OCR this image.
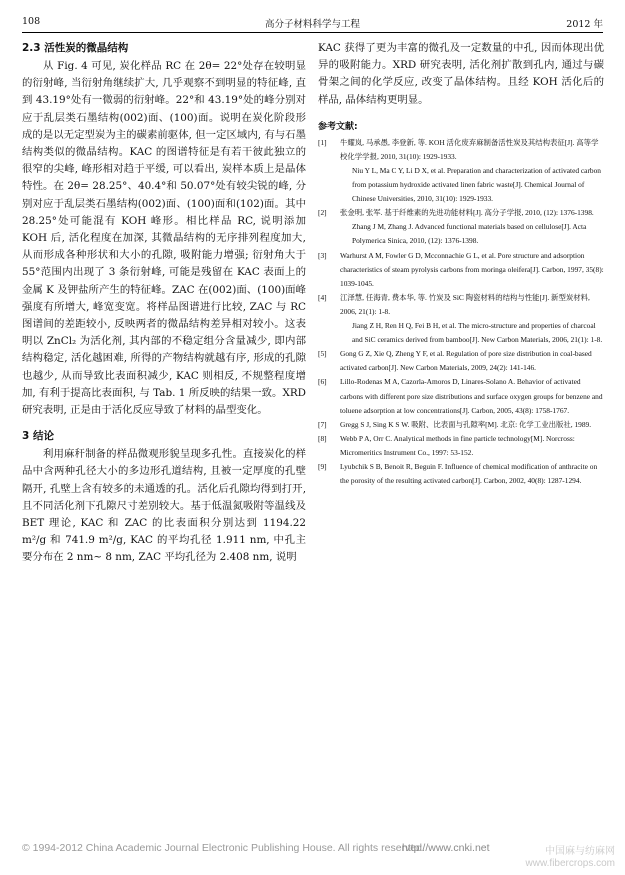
108	高分子材料科学与工程	2012 年
2.3 活性炭的微晶结构

从 Fig. 4 可见, 炭化样品 RC 在 2θ= 22°处存在较明显的衍射峰, 当衍射角继续扩大, 几乎观察不到明显的特征峰, 直到 43.19°处有一微弱的衍射峰。22°和 43.19°处的峰分别对应于乱层类石墨结构(002)面、(100)面。说明在炭化阶段形成的是以无定型炭为主的碳素前驱体, 但一定区域内, 有与石墨结构类似的微晶结构。KAC 的图谱特征是有若干彼此独立的很窄的尖峰, 峰形相对趋于平缓, 可以看出, 炭样本质上是晶体特性。在 2θ= 28.25°、40.4°和 50.07°处有较尖锐的峰, 分别对应于乱层类石墨结构(002)面、(100)面和(102)面。其中 28.25°处可能混有 KOH 峰形。相比样品 RC, 说明添加 KOH 后, 活化程度在加深, 其微晶结构的无序排列程度加大, 从而形成各种形状和大小的孔隙, 吸附能力增强; 衍射角大于 55°范围内出现了 3 条衍射峰, 可能是残留在 KAC 表面上的金属 K 及钾盐所产生的特征峰。ZAC 在(002)面、(100)面峰强度有所增大, 峰宽变宽。将样品图谱进行比较, ZAC 与 RC 图谱间的差距较小, 反映两者的微晶结构差异相对较小。这表明以 ZnCl₂ 为活化剂, 其内部的不稳定组分含量减少, 即内部结构稳定, 活化越困难, 所得的产物结构就越有序, 形成的孔隙也越少, 从而导致比表面积减少, KAC 则相反, 不规整程度增加, 有利于提高比表面积, 与 Tab. 1 所反映的结果一致。XRD 研究表明, 正是由于活化反应导致了材料的晶型变化。

3 结论

利用麻秆制备的样品微观形貌呈现多孔性。直接炭化的样品中含两种孔径大小的多边形孔道结构, 且被一定厚度的孔壁隔开, 孔壁上含有较多的未通透的孔。活化后孔隙均得到打开, 且不同活化剂下孔隙尺寸差别较大。基于低温氮吸附等温线及 BET 理论, KAC 和 ZAC 的比表面积分别达到 1194.22 m²/g 和 741.9 m²/g, KAC 的平均孔径 1.911 nm, 中孔主要分布在 2 nm~ 8 nm, ZAC 平均孔径为 2.408 nm, 说明

KAC 获得了更为丰富的微孔及一定数量的中孔, 因而体现出优异的吸附能力。XRD 研究表明, 活化剂扩散到孔内, 通过与碳骨架之间的化学反应, 改变了晶体结构。且经 KOH 活化后的样品, 晶体结构更明显。

参考文献:
[1]	牛耀岚, 马承愚, 李登新, 等. KOH 活化废弃麻制备活性炭及其结构表征[J]. 高等学校化学学报, 2010, 31(10): 1929-1933.
Niu Y L, Ma C Y, Li D X, et al. Preparation and characterization of activated carbon from potassium hydroxide activated linen fabric waste[J]. Chemical Journal of Chinese Universities, 2010, 31(10): 1929-1933.
[2]	张金明, 张军. 基于纤维素的先进功能材料[J]. 高分子学报, 2010, (12): 1376-1398.
Zhang J M, Zhang J. Advanced functional materials based on cellulose[J]. Acta Polymerica Sinica, 2010, (12): 1376-1398.
[3]	Warhurst A M, Fowler G D, Mcconnachie G L, et al. Pore structure and adsorption characteristics of steam pyrolysis carbons from moringa oleifera[J]. Carbon, 1997, 35(8): 1039-1045.
[4]	江泽慧, 任海青, 费本华, 等. 竹炭及 SiC 陶瓷材料的结构与性能[J]. 新型炭材料, 2006, 21(1): 1-8.
Jiang Z H, Ren H Q, Fei B H, et al. The micro-structure and properties of charcoal and SiC ceramics derived from bamboo[J]. New Carbon Materials, 2006, 21(1): 1-8.
[5]	Gong G Z, Xie Q, Zheng Y F, et al. Regulation of pore size distribution in coal-based activated carbon[J]. New Carbon Materials, 2009, 24(2): 141-146.
[6]	Lillo-Rodenas M A, Cazorla-Amoros D, Linares-Solano A. Behavior of activated carbons with different pore size distributions and surface oxygen groups for benzene and toluene adsorption at low concentrations[J]. Carbon, 2005, 43(8): 1758-1767.
[7]	Gregg S J, Sing K S W. 吸附、比表面与孔隙率[M]. 北京: 化学工业出版社, 1989.
[8]	Webb P A, Orr C. Analytical methods in fine particle technology[M]. Norcross: Micromeritics Instrument Co., 1997: 53-152.
[9]	Lyubchik S B, Benoit R, Beguin F. Influence of chemical modification of anthracite on the porosity of the resulting activated carbon[J]. Carbon, 2002, 40(8): 1287-1294.
© 1994-2012 China Academic Journal Electronic Publishing House. All rights reserved.
http://www.cnki.net	中国麻与纺麻网
www.fibercrops.com
